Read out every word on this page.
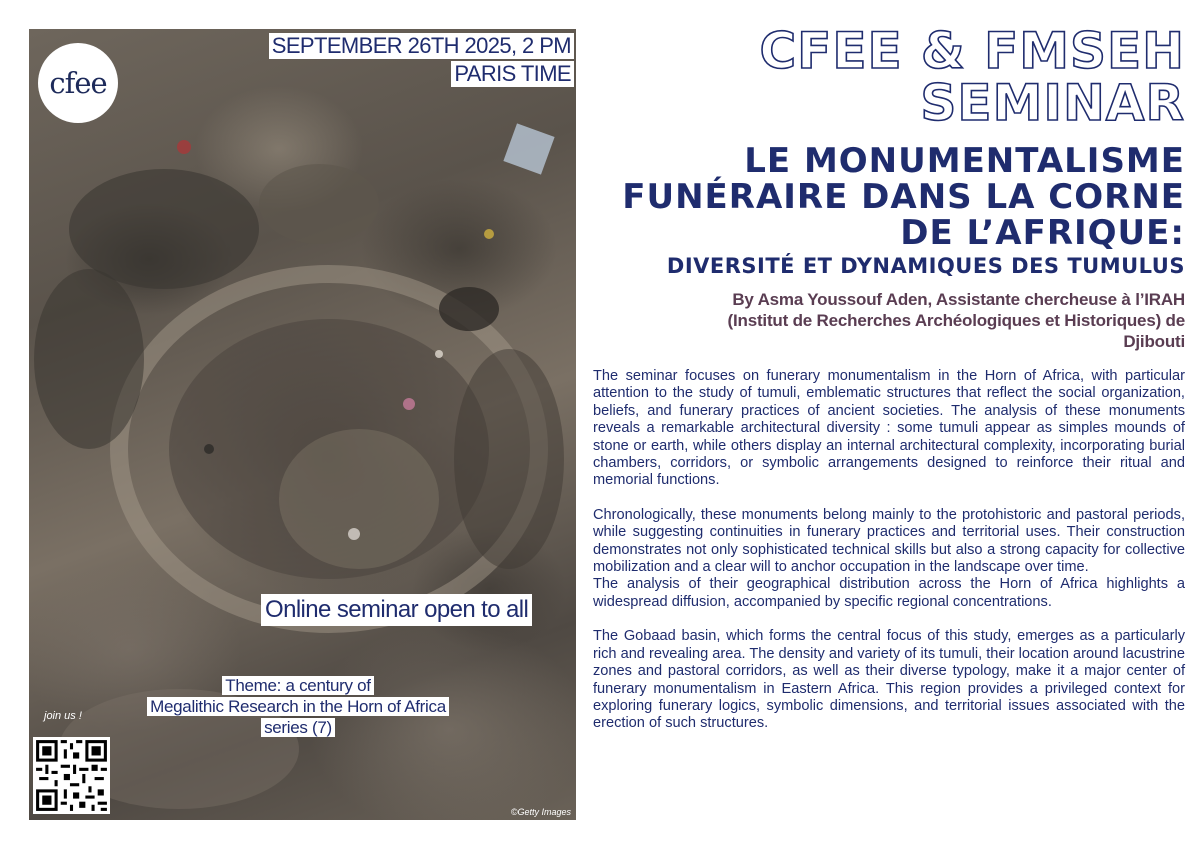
cfee
SEPTEMBER 26TH 2025, 2 PM
PARIS TIME
Online seminar open to all
Theme: a century of
Megalithic Research in the Horn of Africa
series (7)
join us !
©Getty Images
CFEE & FMSEH
SEMINAR
LE MONUMENTALISME
FUNÉRAIRE DANS LA CORNE
DE L’AFRIQUE:
DIVERSITÉ ET DYNAMIQUES DES TUMULUS
By Asma Youssouf Aden, Assistante chercheuse à l’IRAH
(Institut de Recherches Archéologiques et Historiques) de
Djibouti

The seminar focuses on funerary monumentalism in the Horn of Africa, with particular attention to the study of tumuli, emblematic structures that reflect the social organization, beliefs, and funerary practices of ancient societies. The analysis of these monuments reveals a remarkable architectural diversity : some tumuli appear as simples mounds of stone or earth, while others display an internal architectural complexity, incorporating burial chambers, corridors, or symbolic arrangements designed to reinforce their ritual and memorial functions.

Chronologically, these monuments belong mainly to the protohistoric and pastoral periods, while suggesting continuities in funerary practices and territorial uses. Their construction demonstrates not only sophisticated technical skills but also a strong capacity for collective mobilization and a clear will to anchor occupation in the landscape over time.

The analysis of their geographical distribution across the Horn of Africa highlights a widespread diffusion, accompanied by specific regional concentrations.

The Gobaad basin, which forms the central focus of this study, emerges as a particularly rich and revealing area. The density and variety of its tumuli, their location around lacustrine zones and pastoral corridors, as well as their diverse typology, make it a major center of funerary monumentalism in Eastern Africa. This region provides a privileged context for exploring funerary logics, symbolic dimensions, and territorial issues associated with the erection of such structures.
